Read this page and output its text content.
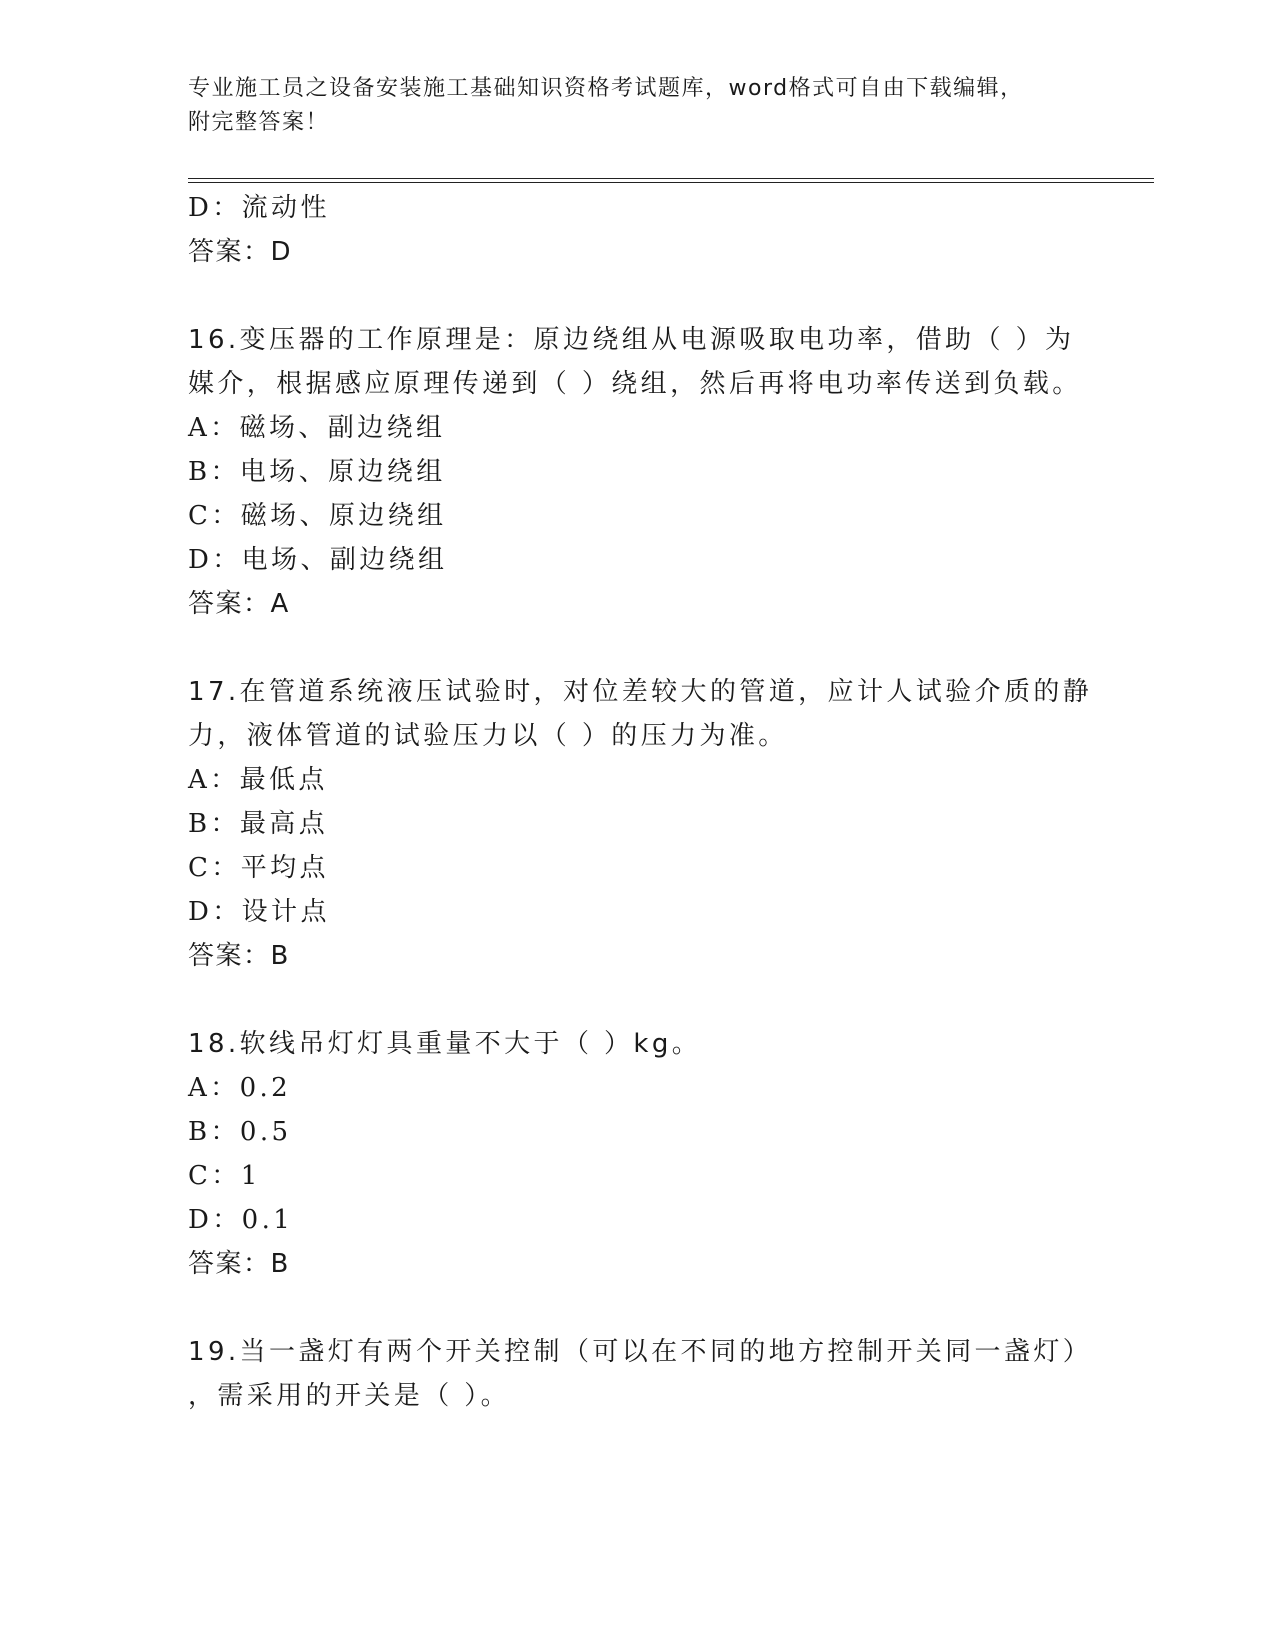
专业施工员之设备安装施工基础知识资格考试题库，word格式可自由下载编辑，
附完整答案！
D：流动性
答案：D
16.变压器的工作原理是：原边绕组从电源吸取电功率，借助（ ）为
媒介，根据感应原理传递到（ ）绕组，然后再将电功率传送到负载。
A：磁场、副边绕组
B：电场、原边绕组
C：磁场、原边绕组
D：电场、副边绕组
答案：A
17.在管道系统液压试验时，对位差较大的管道，应计人试验介质的静
力，液体管道的试验压力以（ ）的压力为准。
A：最低点
B：最高点
C：平均点
D：设计点
答案：B
18.软线吊灯灯具重量不大于（ ）kg。
A：0.2
B：0.5
C：1
D：0.1
答案：B
19.当一盏灯有两个开关控制（可以在不同的地方控制开关同一盏灯）
，需采用的开关是（ ）。
